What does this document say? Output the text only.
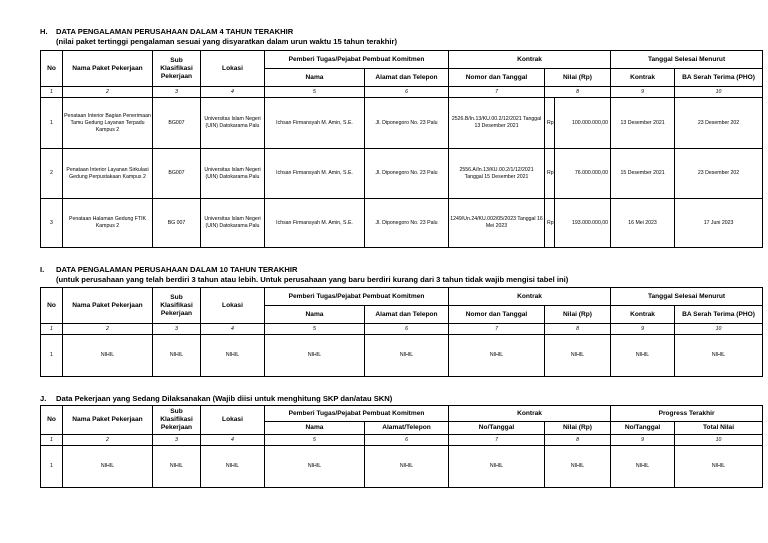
H. DATA PENGALAMAN PERUSAHAAN DALAM 4 TAHUN TERAKHIR
(nilai paket tertinggi pengalaman sesuai yang disyaratkan dalam urun waktu 15 tahun terakhir)
No	Nama Paket Pekerjaan	Sub Klasifikasi Pekerjaan	Lokasi	Pemberi Tugas/Pejabat Pembuat Komitmen		Kontrak			Tanggal Selesai Menurut	
				Nama	Alamat dan Telepon	Nomor dan Tanggal	Nilai (Rp)		Kontrak	BA Serah Terima (PHO)
1	2	3	4	5	6	7	8		9	10
1	Penataan Interior Bagian Penerimaan Tamu Gedung Layanan Terpadu Kampus 2	BG007	Universitas Islam Negeri (UIN) Datokarama Palu	Ichsan Firmansyah M. Amin, S.E.	Jl. Diponegoro No. 23 Palu	2526.B/In.13/KU.00.2/12/2021 Tanggal 13 Desember 2021	Rp	100.000.000,00	13 Desember 2021	23 Desember 202
2	Penataan Interior Layanan Sirkulasi Gedung Perpustakaan Kampus 2	BG007	Universitas Islam Negeri (UIN) Datokarama Palu	Ichsan Firmansyah M. Amin, S.E.	Jl. Diponegoro No. 23 Palu	2556.A/In.13/KU.00.2/1/12/2021 Tanggal 15 Desember 2021	Rp	76.000.000,00	15 Desember 2021	23 Desember 202
3	Penataan Halaman Gedung FTIK Kampus 2	BG 007	Universitas Islam Negeri (UIN) Datokarama Palu	Ichsan Firmansyah M. Amin, S.E.	Jl. Diponegoro No. 23 Palu	1249/Un.24/KU.002/05/2023 Tanggal 16 Mei 2023	Rp	193.000.000,00	16 Mei 2023	17 Juni 2023
I. DATA PENGALAMAN PERUSAHAAN DALAM 10 TAHUN TERAKHIR
(untuk perusahaan yang telah berdiri 3 tahun atau lebih. Untuk perusahaan yang baru berdiri kurang dari 3 tahun tidak wajib mengisi tabel ini)
No	Nama Paket Pekerjaan	Sub Klasifikasi Pekerjaan	Lokasi	Pemberi Tugas/Pejabat Pembuat Komitmen		Kontrak		Tanggal Selesai Menurut	
				Nama	Alamat dan Telepon	Nomor dan Tanggal	Nilai (Rp)	Kontrak	BA Serah Terima (PHO)
1	2	3	4	5	6	7	8	9	10
1	NIHIL	NIHIL	NIHIL	NIHIL	NIHIL	NIHIL	NIHIL	NIHIL	NIHIL
J. Data Pekerjaan yang Sedang Dilaksanakan (Wajib diisi untuk menghitung SKP dan/atau SKN)
No	Nama Paket Pekerjaan	Sub Klasifikasi Pekerjaan	Lokasi	Pemberi Tugas/Pejabat Pembuat Komitmen		Kontrak		Progress Terakhir	
				Nama	Alamat/Telepon	No/Tanggal	Nilai (Rp)	No/Tanggal	Total Nilai
1	2	3	4	5	6	7	8	9	10
1	NIHIL	NIHIL	NIHIL	NIHIL	NIHIL	NIHIL	NIHIL	NIHIL	NIHIL
